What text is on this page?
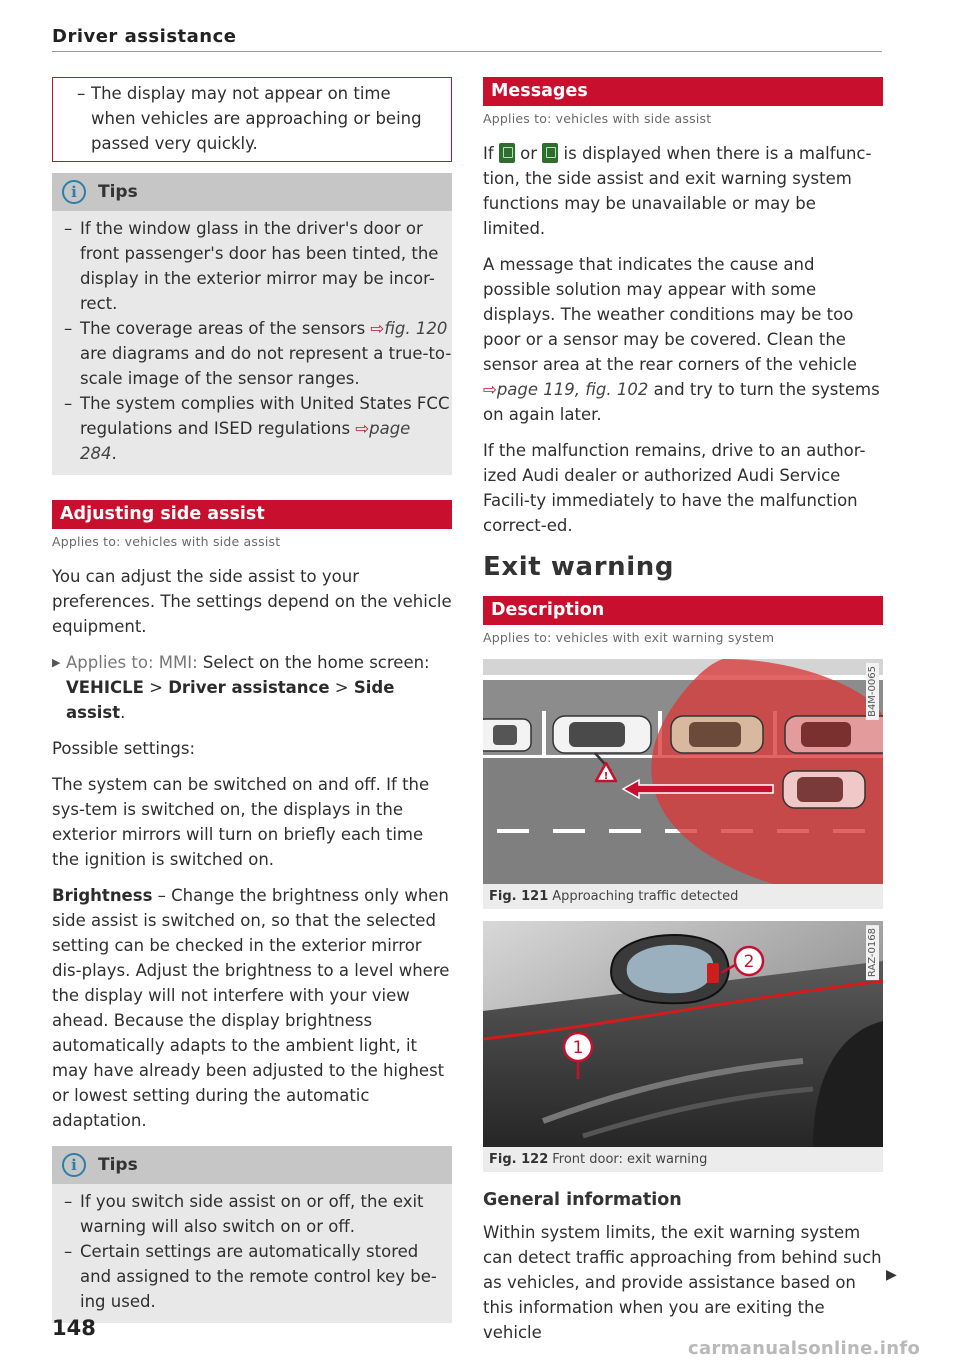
Driver assistance
– The display may not appear on time when vehicles are approaching or being passed very quickly.
i	Tips
– If the window glass in the driver's door or front passenger's door has been tinted, the display in the exterior mirror may be incor-rect.
– The coverage areas of the sensors ⇨fig. 120 are diagrams and do not represent a true-to-scale image of the sensor ranges.
– The system complies with United States FCC regulations and ISED regulations ⇨page 284.
Adjusting side assist
Applies to: vehicles with side assist
You can adjust the side assist to your preferences. The settings depend on the vehicle equipment.
▶ Applies to: MMI: Select on the home screen:
VEHICLE > Driver assistance > Side assist.
Possible settings:
The system can be switched on and off. If the sys-tem is switched on, the displays in the exterior mirrors will turn on briefly each time the ignition is switched on.
Brightness – Change the brightness only when side assist is switched on, so that the selected setting can be checked in the exterior mirror dis-plays. Adjust the brightness to a level where the display will not interfere with your view ahead. Because the display brightness automatically adapts to the ambient light, it may have already been adjusted to the highest or lowest setting during the automatic adaptation.
i	Tips
– If you switch side assist on or off, the exit warning will also switch on or off.
– Certain settings are automatically stored and assigned to the remote control key be-ing used.
Messages
Applies to: vehicles with side assist
If  or  is displayed when there is a malfunc-tion, the side assist and exit warning system functions may be unavailable or may be limited.
A message that indicates the cause and possible solution may appear with some displays. The weather conditions may be too poor or a sensor may be covered. Clean the sensor area at the rear corners of the vehicle ⇨page 119, fig. 102 and try to turn the systems on again later.
If the malfunction remains, drive to an author-ized Audi dealer or authorized Audi Service Facili-ty immediately to have the malfunction correct-ed.
Exit warning
Description
Applies to: vehicles with exit warning system
!
B4M-0065
Fig. 121 Approaching traffic detected
1
2	RAZ-0168
Fig. 122 Front door: exit warning
General information
Within system limits, the exit warning system can detect traffic approaching from behind such as vehicles, and provide assistance based on this information when you are exiting the vehicle
▶
148
carmanualsonline.info
